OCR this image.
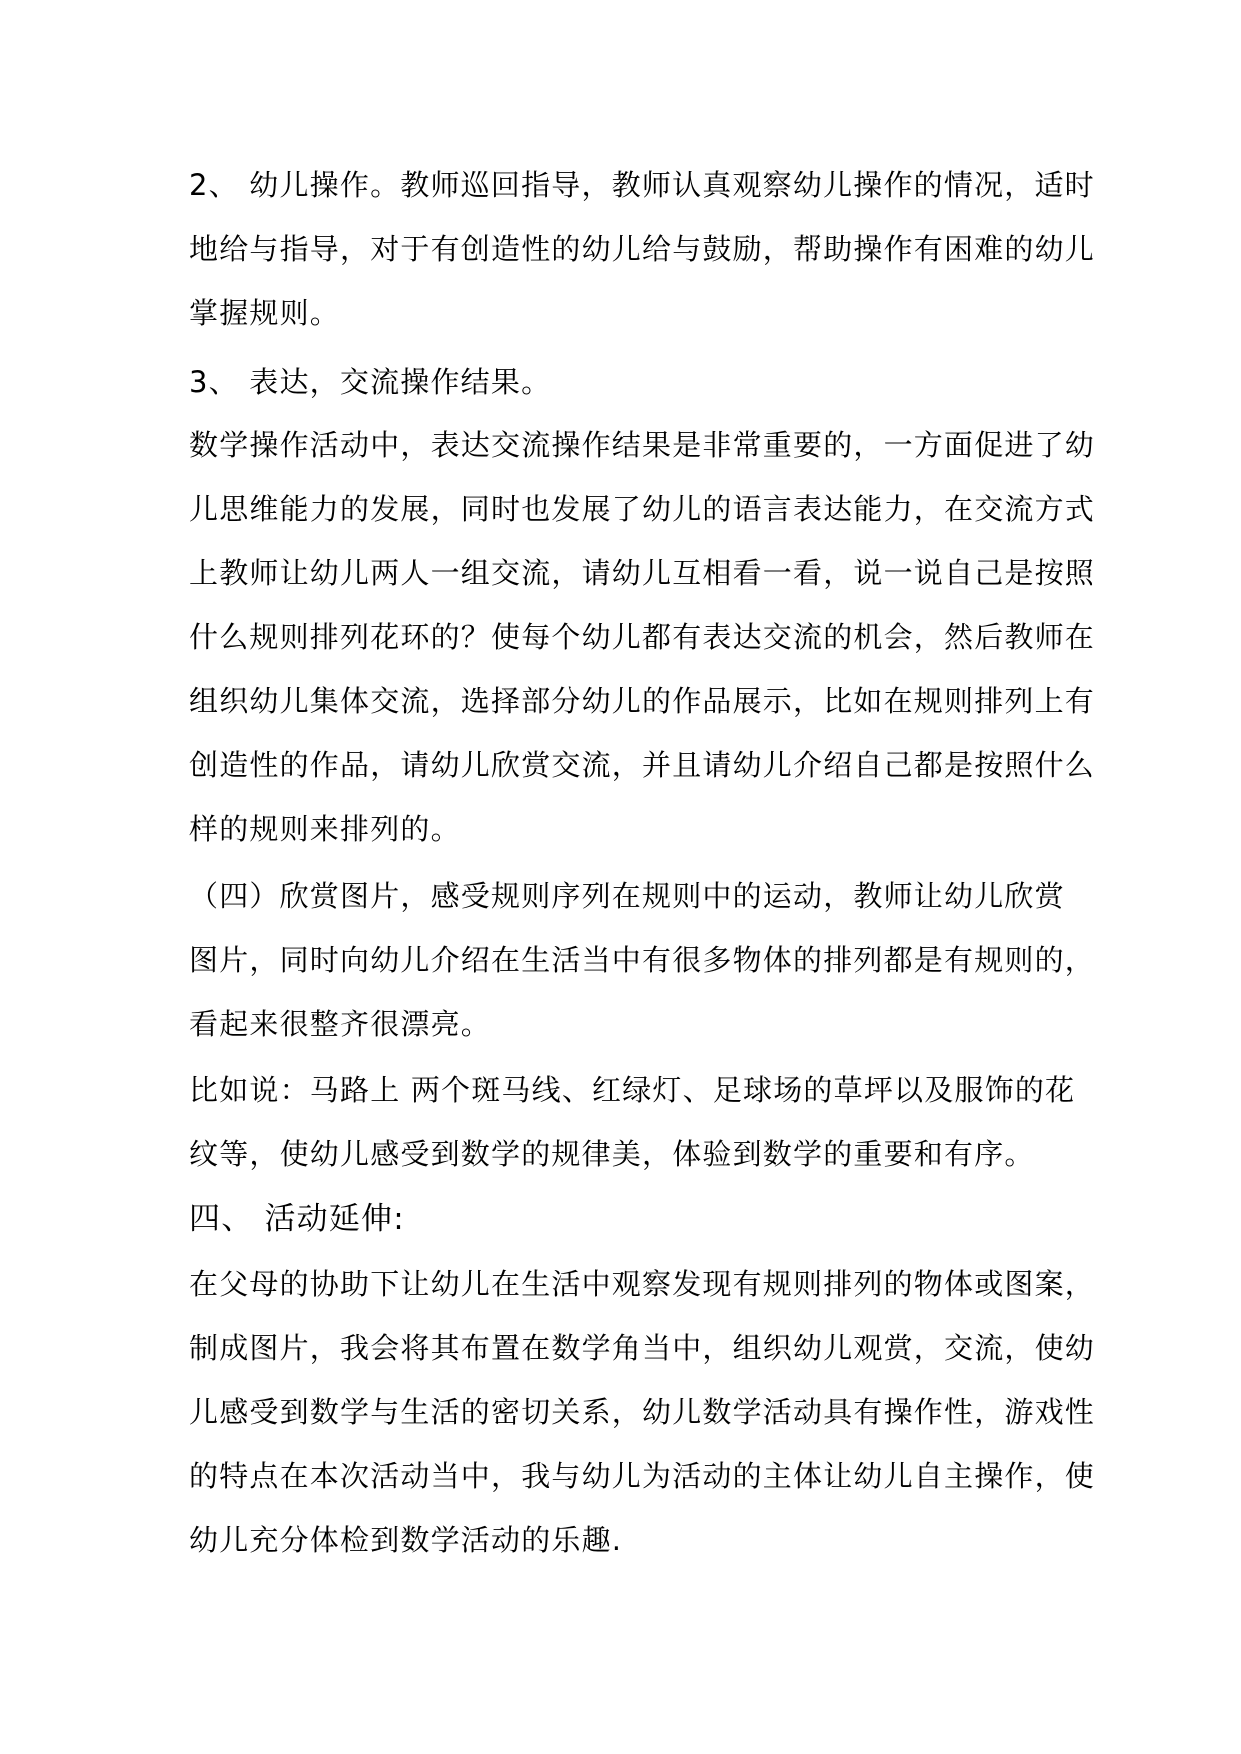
2、 幼儿操作。教师巡回指导，教师认真观察幼儿操作的情况，适时
地给与指导，对于有创造性的幼儿给与鼓励，帮助操作有困难的幼儿
掌握规则。
3、 表达，交流操作结果。
数学操作活动中，表达交流操作结果是非常重要的，一方面促进了幼
儿思维能力的发展，同时也发展了幼儿的语言表达能力，在交流方式
上教师让幼儿两人一组交流，请幼儿互相看一看，说一说自己是按照
什么规则排列花环的？使每个幼儿都有表达交流的机会，然后教师在
组织幼儿集体交流，选择部分幼儿的作品展示，比如在规则排列上有
创造性的作品，请幼儿欣赏交流，并且请幼儿介绍自己都是按照什么
样的规则来排列的。
（四）欣赏图片，感受规则序列在规则中的运动，教师让幼儿欣赏
图片，同时向幼儿介绍在生活当中有很多物体的排列都是有规则的，
看起来很整齐很漂亮。
比如说：马路上 两个斑马线、红绿灯、足球场的草坪以及服饰的花
纹等，使幼儿感受到数学的规律美，体验到数学的重要和有序。
四、 活动延伸:
在父母的协助下让幼儿在生活中观察发现有规则排列的物体或图案，
制成图片，我会将其布置在数学角当中，组织幼儿观赏，交流，使幼
儿感受到数学与生活的密切关系，幼儿数学活动具有操作性，游戏性
的特点在本次活动当中，我与幼儿为活动的主体让幼儿自主操作，使
幼儿充分体检到数学活动的乐趣.
